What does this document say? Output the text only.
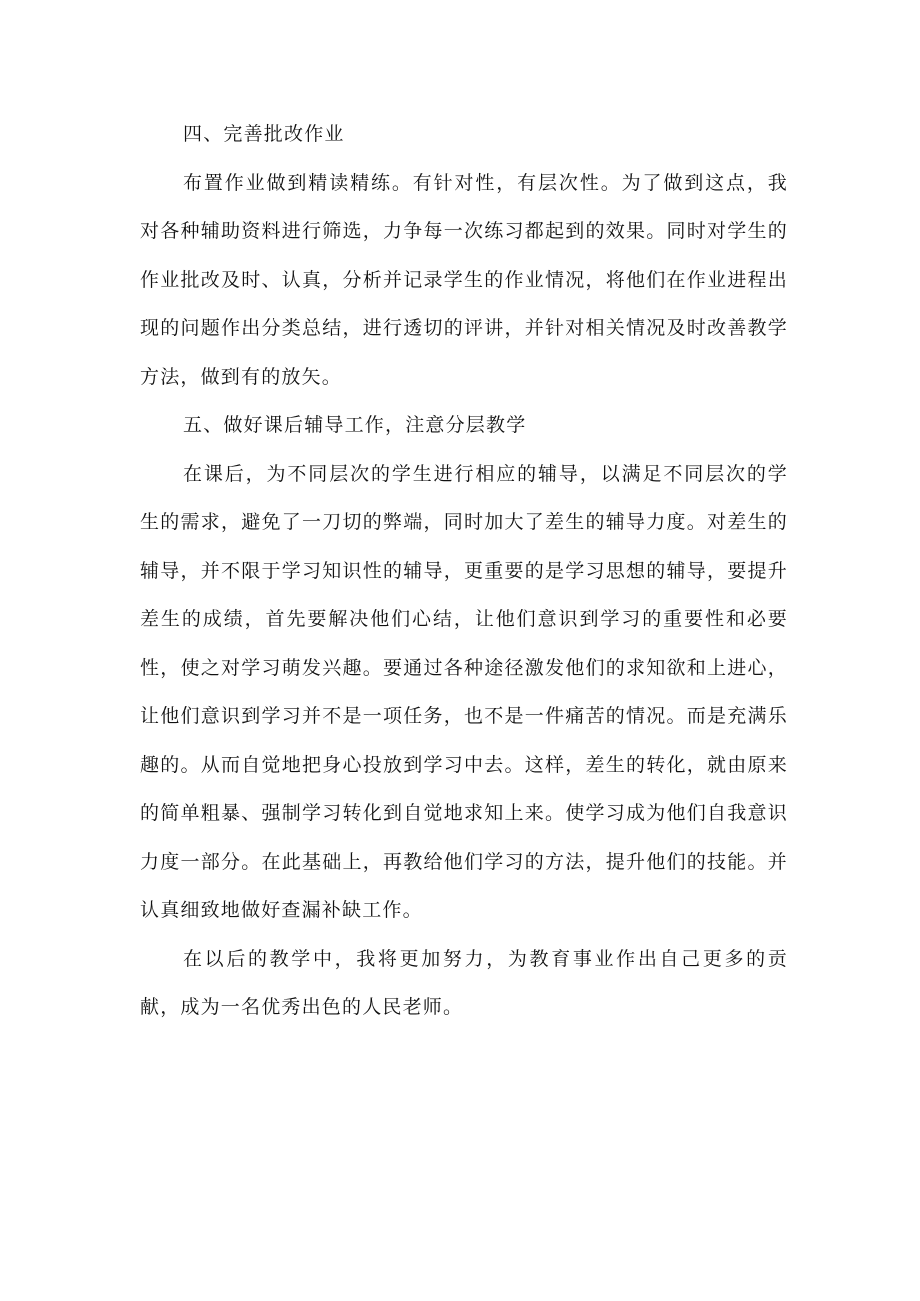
四、完善批改作业

布置作业做到精读精练。有针对性，有层次性。为了做到这点，我对各种辅助资料进行筛选，力争每一次练习都起到的效果。同时对学生的作业批改及时、认真，分析并记录学生的作业情况，将他们在作业进程出现的问题作出分类总结，进行透切的评讲，并针对相关情况及时改善教学方法，做到有的放矢。

五、做好课后辅导工作，注意分层教学

在课后，为不同层次的学生进行相应的辅导，以满足不同层次的学生的需求，避免了一刀切的弊端，同时加大了差生的辅导力度。对差生的辅导，并不限于学习知识性的辅导，更重要的是学习思想的辅导，要提升差生的成绩，首先要解决他们心结，让他们意识到学习的重要性和必要性，使之对学习萌发兴趣。要通过各种途径激发他们的求知欲和上进心，让他们意识到学习并不是一项任务，也不是一件痛苦的情况。而是充满乐趣的。从而自觉地把身心投放到学习中去。这样，差生的转化，就由原来的简单粗暴、强制学习转化到自觉地求知上来。使学习成为他们自我意识力度一部分。在此基础上，再教给他们学习的方法，提升他们的技能。并认真细致地做好查漏补缺工作。

在以后的教学中，我将更加努力，为教育事业作出自己更多的贡献，成为一名优秀出色的人民老师。
